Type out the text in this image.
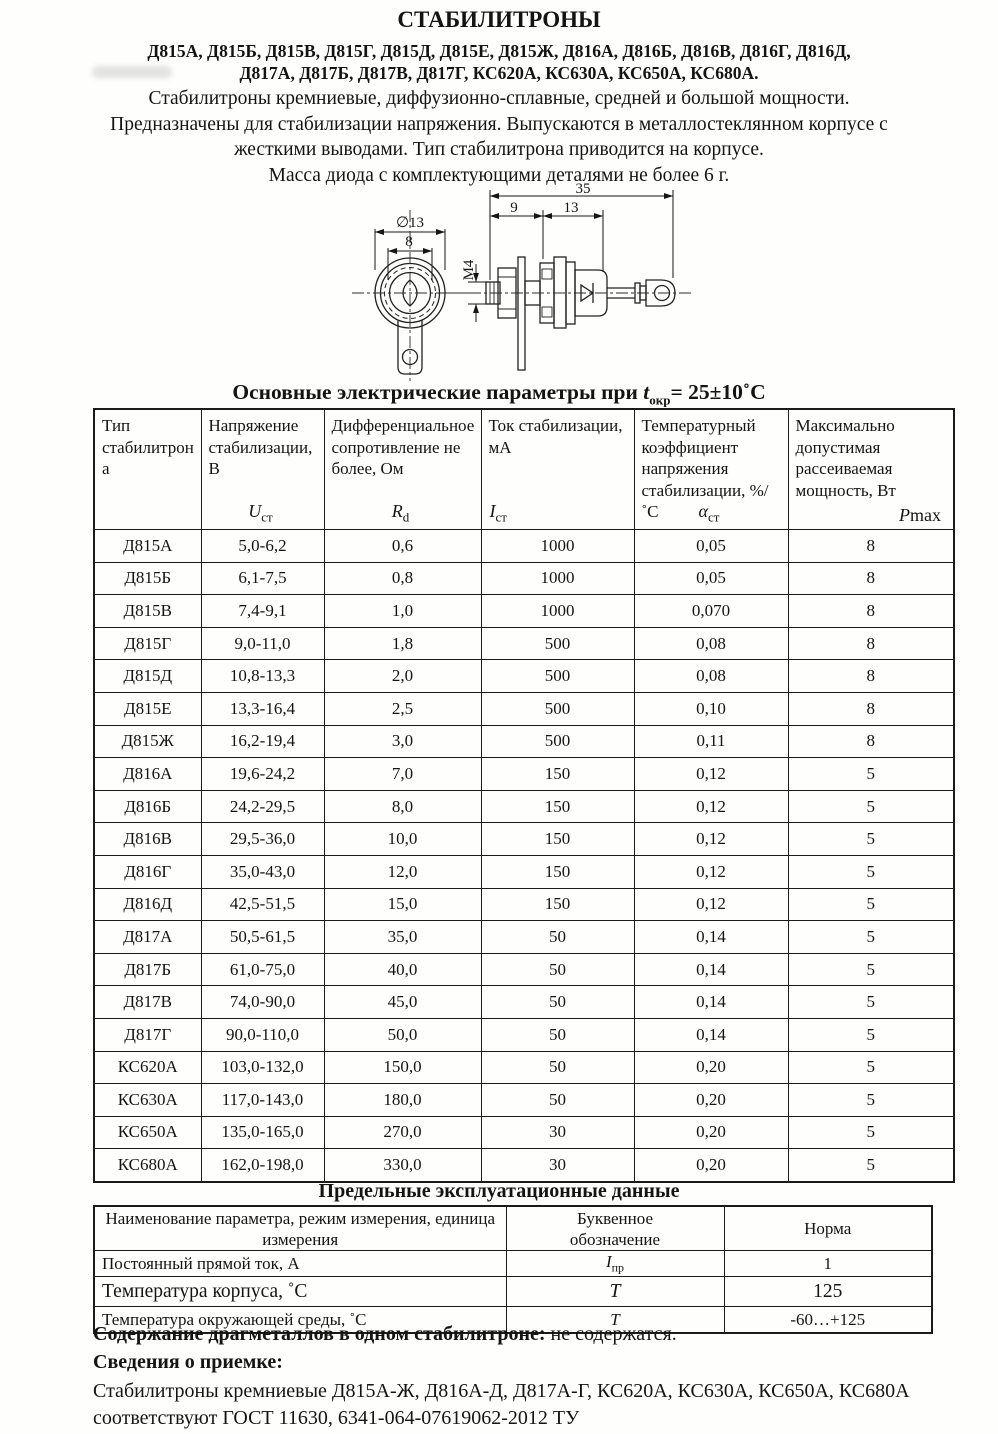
СТАБИЛИТРОНЫ
Д815А, Д815Б, Д815В, Д815Г, Д815Д, Д815Е, Д815Ж, Д816А, Д816Б, Д816В, Д816Г, Д816Д,
Д817А, Д817Б, Д817В, Д817Г, КС620А, КС630А, КС650А, КС680А.
Стабилитроны кремниевые, диффузионно-сплавные, средней и большой мощности.
Предназначены для стабилизации напряжения. Выпускаются в металлостеклянном корпусе с
жесткими выводами. Тип стабилитрона приводится на корпусе.
Масса диода с комплектующими деталями не более 6 г.
∅13
8
35
9	13
M4
Основные электрические параметры при $t_{окр}=$ 25±10˚С
Тип стабилитрона

Напряжение стабилизации, В
$U_{ст}$

Дифференциальное сопротивление не более, Ом
$R_d$

Ток стабилизации, мА
$I_{ст}$

Температурный коэффициент напряжения стабилизации, %/˚С	$\alpha_{ст}$

Максимально допустимая рассеиваемая мощность, Вт
Pmax

Д815А	5,0-6,2	0,6	1000	0,05	8
Д815Б	6,1-7,5	0,8	1000	0,05	8
Д815В	7,4-9,1	1,0	1000	0,070	8
Д815Г	9,0-11,0	1,8	500	0,08	8
Д815Д	10,8-13,3	2,0	500	0,08	8
Д815Е	13,3-16,4	2,5	500	0,10	8
Д815Ж	16,2-19,4	3,0	500	0,11	8
Д816А	19,6-24,2	7,0	150	0,12	5
Д816Б	24,2-29,5	8,0	150	0,12	5
Д816В	29,5-36,0	10,0	150	0,12	5
Д816Г	35,0-43,0	12,0	150	0,12	5
Д816Д	42,5-51,5	15,0	150	0,12	5
Д817А	50,5-61,5	35,0	50	0,14	5
Д817Б	61,0-75,0	40,0	50	0,14	5
Д817В	74,0-90,0	45,0	50	0,14	5
Д817Г	90,0-110,0	50,0	50	0,14	5
КС620А	103,0-132,0	150,0	50	0,20	5
КС630А	117,0-143,0	180,0	50	0,20	5
КС650А	135,0-165,0	270,0	30	0,20	5
КС680А	162,0-198,0	330,0	30	0,20	5
Предельные эксплуатационные данные
Наименование параметра, режим измерения, единица измерения	Буквенное обозначение	Норма
Постоянный прямой ток, А	$I_{пр}$	1
Температура корпуса, ˚С	T	125
Температура окружающей среды, ˚С	T	-60…+125
Содержание драгметаллов в одном стабилитроне: не содержатся.
Сведения о приемке:
Стабилитроны кремниевые Д815А-Ж, Д816А-Д, Д817А-Г, КС620А, КС630А, КС650А, КС680А соответствуют ГОСТ 11630, 6341-064-07619062-2012 ТУ
